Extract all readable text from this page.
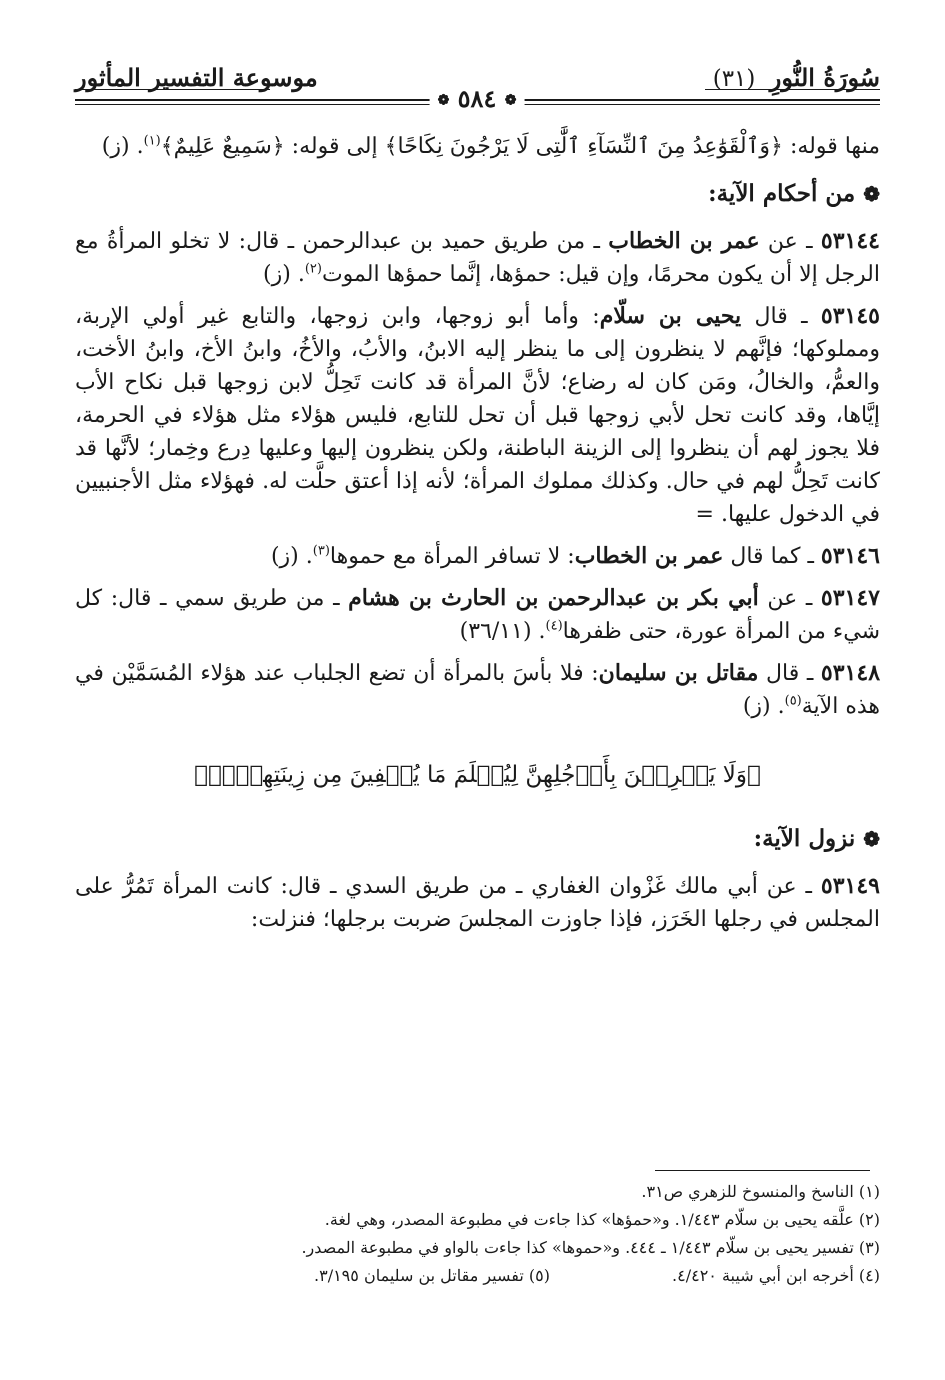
سُورَةُ النُّورِ (٣١)
موسوعة التفسير المأثور
❁ ٥٨٤ ❁

منها قوله: ﴿وَٱلْقَوَٰعِدُ مِنَ ٱلنِّسَآءِ ٱلَّٰتِى لَا يَرْجُونَ نِكَاحًا﴾ إلى قوله: ﴿سَمِيعٌ عَلِيمٌ﴾$^{(١)}$. (ز)

❁من أحكام الآية:

٥٣١٤٤ ـ عن عمر بن الخطاب ـ من طريق حميد بن عبدالرحمن ـ قال: لا تخلو المرأةُ مع الرجل إلا أن يكون محرمًا، وإن قيل: حمؤها، إنَّما حمؤها الموت$^{(٢)}$. (ز)

٥٣١٤٥ ـ قال يحيى بن سلّام: وأما أبو زوجها، وابن زوجها، والتابع غير أولي الإربة، ومملوكها؛ فإنَّهم لا ينظرون إلى ما ينظر إليه الابنُ، والأبُ، والأخُ، وابنُ الأخ، وابنُ الأخت، والعمُّ، والخالُ، ومَن كان له رضاع؛ لأنَّ المرأة قد كانت تَحِلُّ لابن زوجها قبل نكاح الأب إيَّاها، وقد كانت تحل لأبي زوجها قبل أن تحل للتابع، فليس هؤلاء مثل هؤلاء في الحرمة، فلا يجوز لهم أن ينظروا إلى الزينة الباطنة، ولكن ينظرون إليها وعليها دِرع وخِمار؛ لأنَّها قد كانت تَحِلُّ لهم في حال. وكذلك مملوك المرأة؛ لأنه إذا أعتق حلَّت له. فهؤلاء مثل الأجنبيين في الدخول عليها. =

٥٣١٤٦ ـ كما قال عمر بن الخطاب: لا تسافر المرأة مع حموها$^{(٣)}$. (ز)

٥٣١٤٧ ـ عن أبي بكر بن عبدالرحمن بن الحارث بن هشام ـ من طريق سمي ـ قال: كل شيء من المرأة عورة، حتى ظفرها$^{(٤)}$. (٣٦/١١)

٥٣١٤٨ ـ قال مقاتل بن سليمان: فلا بأسَ بالمرأة أن تضع الجلباب عند هؤلاء المُسَمَّيْن في هذه الآية$^{(٥)}$. (ز)

﴿وَلَا يَضۡرِبۡنَ بِأَرۡجُلِهِنَّ لِيُعۡلَمَ مَا يُخۡفِينَ مِن زِينَتِهِنَّۚ﴾
❁نزول الآية:

٥٣١٤٩ ـ عن أبي مالك غَزْوان الغفاري ـ من طريق السدي ـ قال: كانت المرأة تَمُرُّ على المجلس في رجلها الخَرَز، فإذا جاوزت المجلسَ ضربت برجلها؛ فنزلت:

(١) الناسخ والمنسوخ للزهري ص٣١.
(٢) علَّقه يحيى بن سلّام ١/٤٤٣. و«حمؤها» كذا جاءت في مطبوعة المصدر، وهي لغة.
(٣) تفسير يحيى بن سلّام ١/٤٤٣ ـ ٤٤٤. و«حموها» كذا جاءت بالواو في مطبوعة المصدر.
(٤) أخرجه ابن أبي شيبة ٤/٤٢٠.
(٥) تفسير مقاتل بن سليمان ٣/١٩٥.
